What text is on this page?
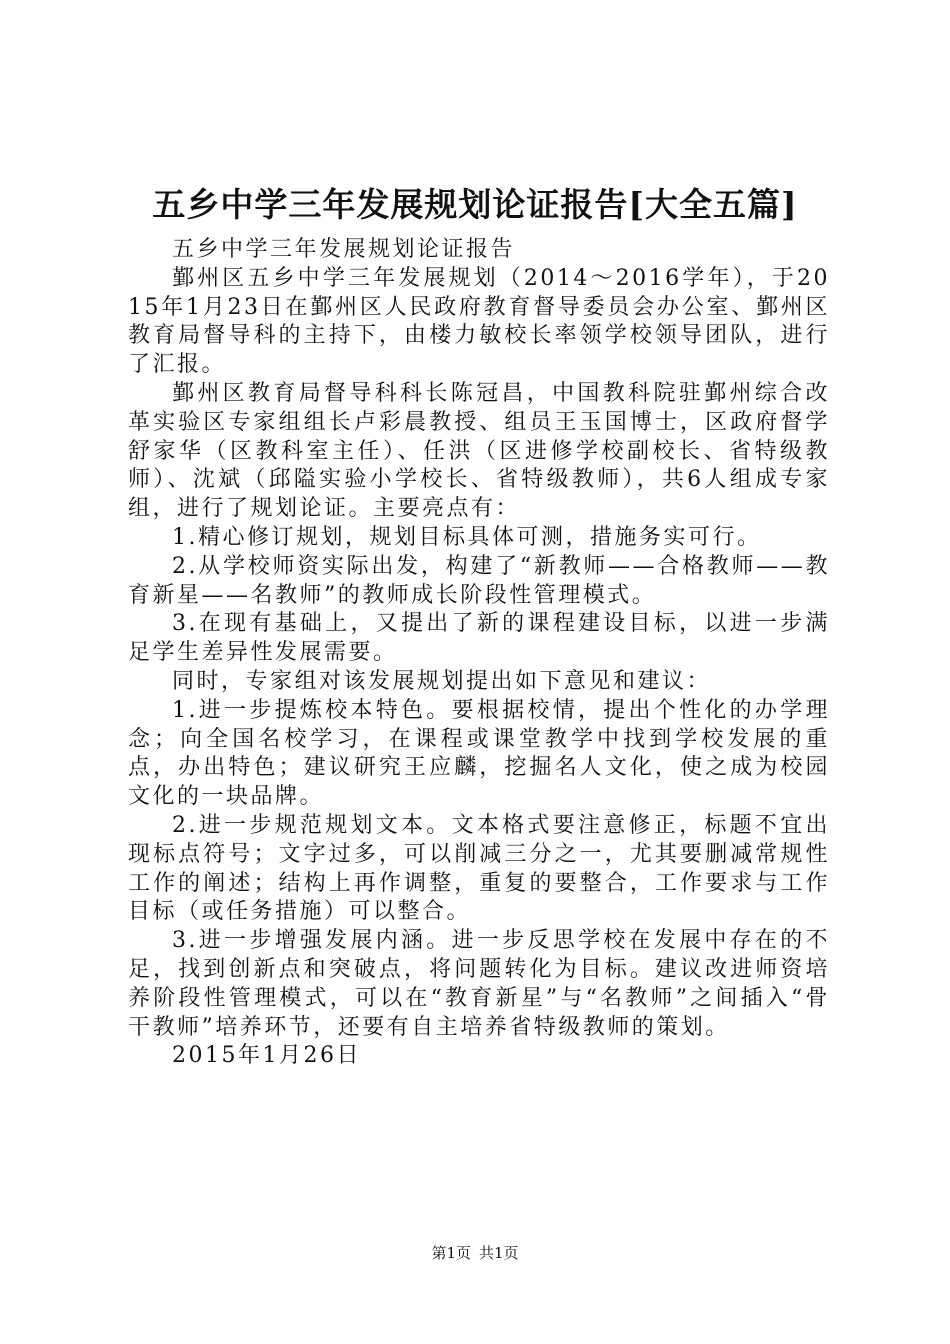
五乡中学三年发展规划论证报告[大全五篇]

五乡中学三年发展规划论证报告

鄞州区五乡中学三年发展规划（2014～2016学年），于2015年1月23日在鄞州区人民政府教育督导委员会办公室、鄞州区教育局督导科的主持下，由楼力敏校长率领学校领导团队，进行了汇报。

鄞州区教育局督导科科长陈冠昌，中国教科院驻鄞州综合改革实验区专家组组长卢彩晨教授、组员王玉国博士，区政府督学舒家华（区教科室主任）、任洪（区进修学校副校长、省特级教师）、沈斌（邱隘实验小学校长、省特级教师），共6人组成专家组，进行了规划论证。主要亮点有：

1.精心修订规划，规划目标具体可测，措施务实可行。

2.从学校师资实际出发，构建了“新教师——合格教师——教育新星——名教师”的教师成长阶段性管理模式。

3.在现有基础上，又提出了新的课程建设目标，以进一步满足学生差异性发展需要。

同时，专家组对该发展规划提出如下意见和建议：

1.进一步提炼校本特色。要根据校情，提出个性化的办学理念；向全国名校学习，在课程或课堂教学中找到学校发展的重点，办出特色；建议研究王应麟，挖掘名人文化，使之成为校园文化的一块品牌。

2.进一步规范规划文本。文本格式要注意修正，标题不宜出现标点符号；文字过多，可以削减三分之一，尤其要删减常规性工作的阐述；结构上再作调整，重复的要整合，工作要求与工作目标（或任务措施）可以整合。

3.进一步增强发展内涵。进一步反思学校在发展中存在的不足，找到创新点和突破点，将问题转化为目标。建议改进师资培养阶段性管理模式，可以在“教育新星”与“名教师”之间插入“骨干教师”培养环节，还要有自主培养省特级教师的策划。

2015年1月26日

第1页 共1页
